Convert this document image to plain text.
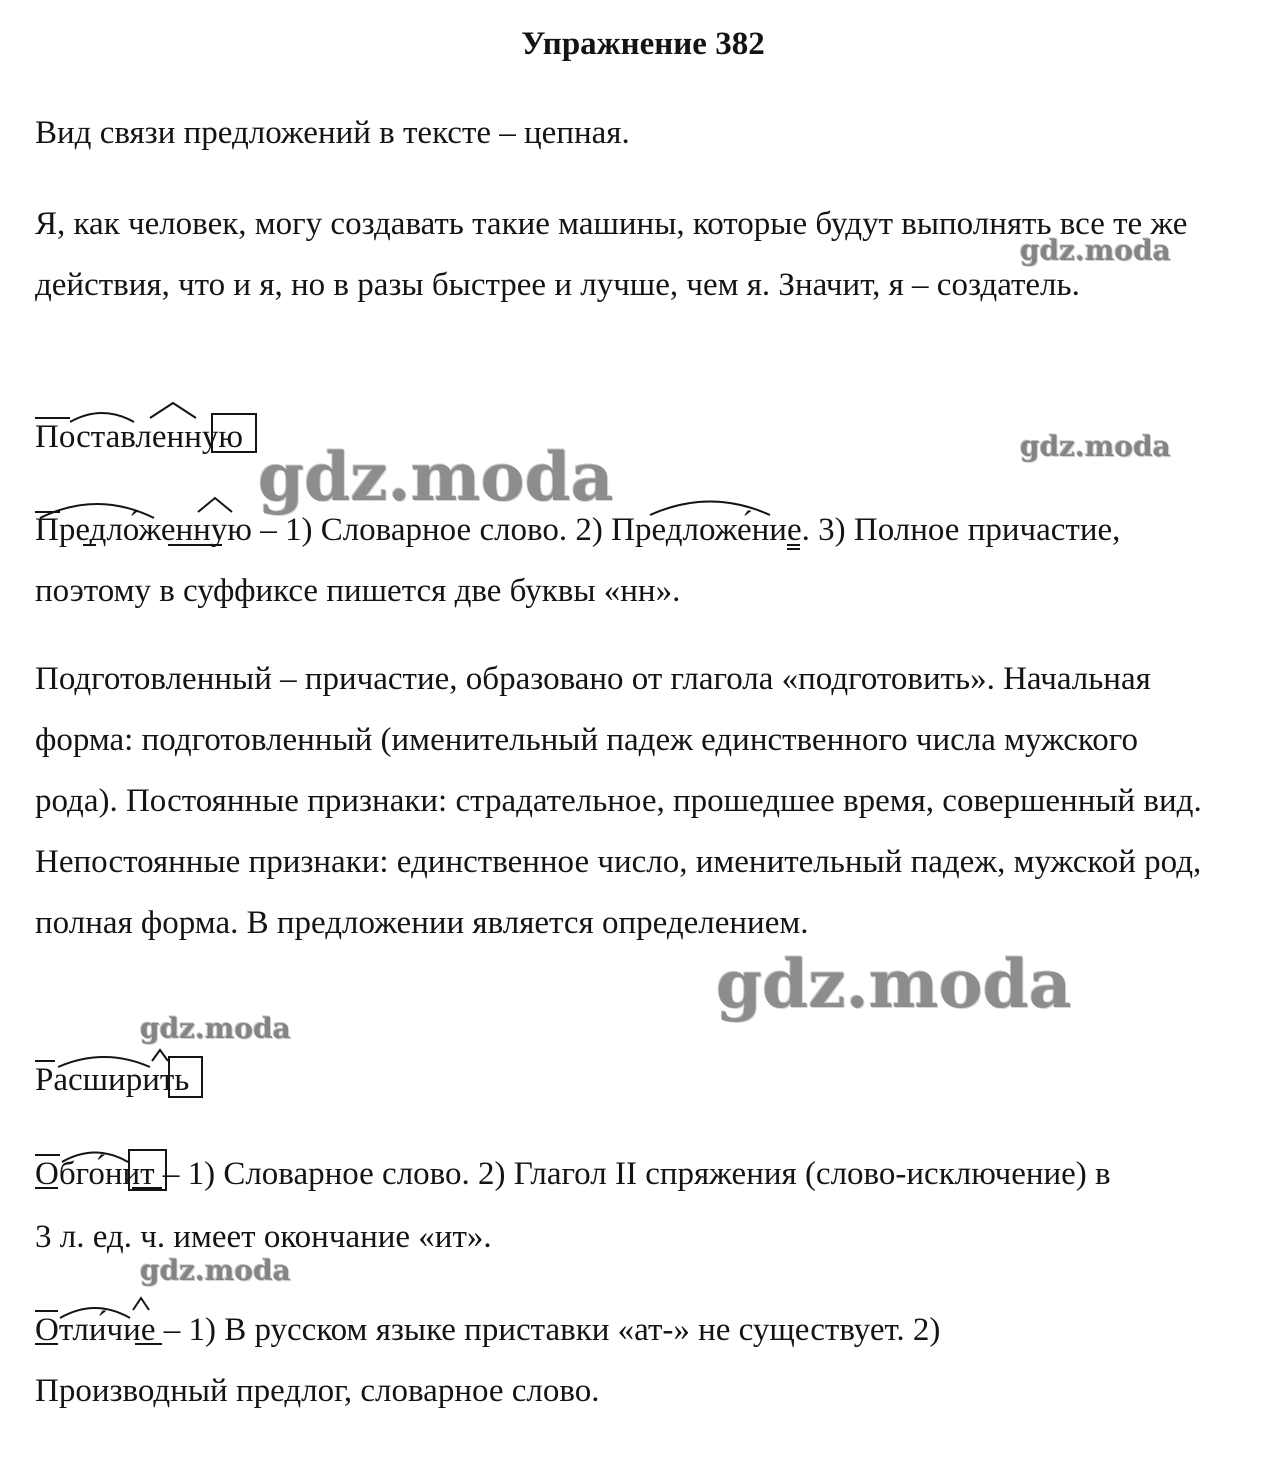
Упражнение 382

Вид связи предложений в тексте – цепная.

Я, как человек, могу создавать такие машины, которые будут выполнять все те же действия, что и я, но в разы быстрее и лучше, чем я. Значит, я – создатель.

Поставленную
Предло́женную – 1) Словарное слово. 2) Предложе́ние. 3) Полное причастие,
поэтому в суффиксе пишется две буквы «нн».

Подготовленный – причастие, образовано от глагола «подготовить». Начальная форма: подготовленный (именительный падеж единственного числа мужского рода). Постоянные признаки: страдательное, прошедшее время, совершенный вид. Непостоянные признаки: единственное число, именительный падеж, мужской род, полная форма. В предложении является определением.

Расширить
Обго́нит – 1) Словарное слово. 2) Глагол II спряжения (слово-исключение) в
3 л. ед. ч. имеет окончание «ит».
Отли́чие – 1) В русском языке приставки «ат-» не существует. 2)
Производный предлог, словарное слово.
gdz.moda
gdz.moda
gdz.moda
gdz.moda
gdz.moda
gdz.moda
